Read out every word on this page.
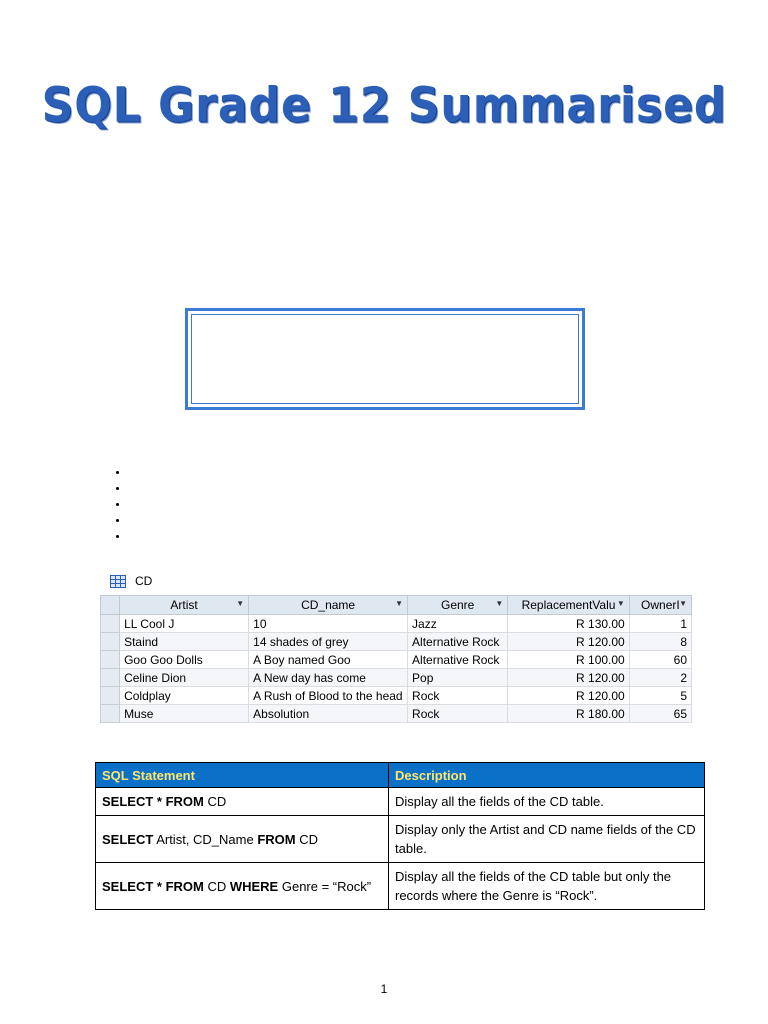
SQL Grade 12 Summarised
CD
	Artist ▼	CD_name ▼	Genre ▼	ReplacementValu ▼	OwnerI ▼

	LL Cool J	10	Jazz	R 130.00	1
	Staind	14 shades of grey	Alternative Rock	R 120.00	8
	Goo Goo Dolls	A Boy named Goo	Alternative Rock	R 100.00	60
	Celine Dion	A New day has come	Pop	R 120.00	2
	Coldplay	A Rush of Blood to the head	Rock	R 120.00	5
	Muse	Absolution	Rock	R 180.00	65
SQL Statement	Description
SELECT * FROM CD	Display all the fields of the CD table.
SELECT Artist, CD_Name FROM CD	Display only the Artist and CD name fields of the CD table.
SELECT * FROM CD WHERE Genre = “Rock”	Display all the fields of the CD table but only the records where the Genre is “Rock”.
1
